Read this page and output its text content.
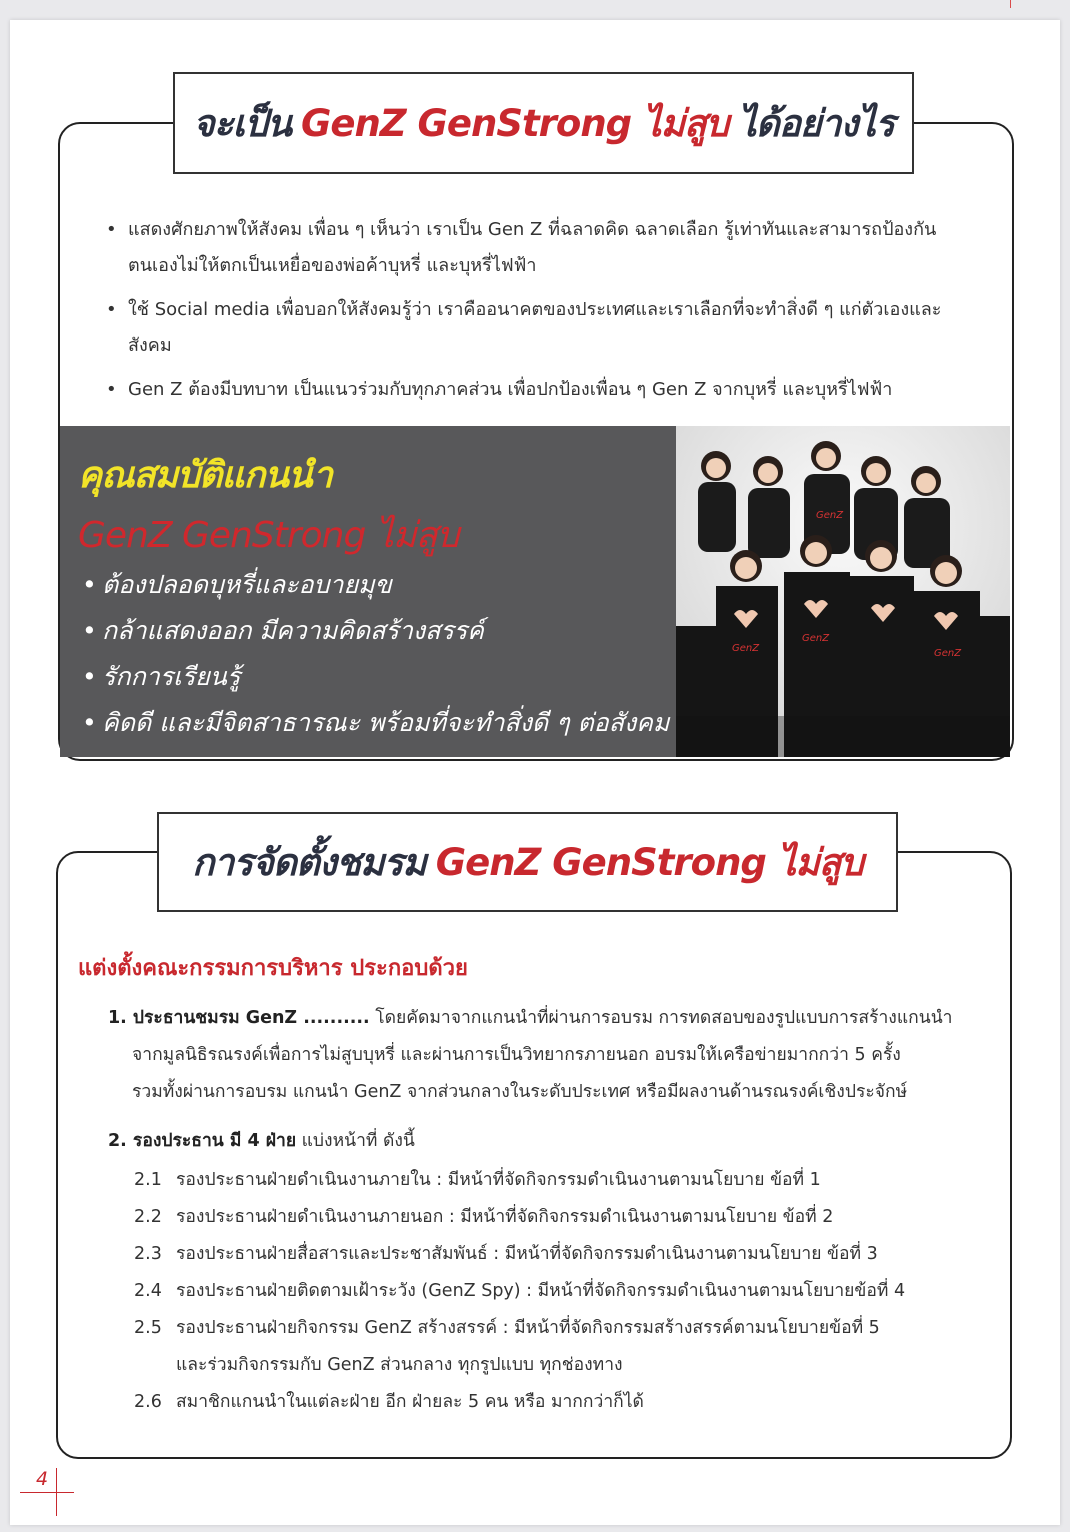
จะเป็น GenZ GenStrong ไม่สูบ ได้อย่างไร
• แสดงศักยภาพให้สังคม เพื่อน ๆ เห็นว่า เราเป็น Gen Z ที่ฉลาดคิด ฉลาดเลือก รู้เท่าทันและสามารถป้องกันตนเองไม่ให้ตกเป็นเหยื่อของพ่อค้าบุหรี่ และบุหรี่ไฟฟ้า
• ใช้ Social media เพื่อบอกให้สังคมรู้ว่า เราคืออนาคตของประเทศและเราเลือกที่จะทำสิ่งดี ๆ แก่ตัวเองและสังคม
• Gen Z ต้องมีบทบาท เป็นแนวร่วมกับทุกภาคส่วน เพื่อปกป้องเพื่อน ๆ Gen Z จากบุหรี่ และบุหรี่ไฟฟ้า
คุณสมบัติแกนนำ
GenZ GenStrong ไม่สูบ
• ต้องปลอดบุหรี่และอบายมุข
• กล้าแสดงออก มีความคิดสร้างสรรค์
• รักการเรียนรู้
• คิดดี และมีจิตสาธารณะ พร้อมที่จะทำสิ่งดี ๆ ต่อสังคม
GenZ
GenZ
GenZ
GenZ
การจัดตั้งชมรม GenZ GenStrong ไม่สูบ
แต่งตั้งคณะกรรมการบริหาร ประกอบด้วย
1. ประธานชมรม GenZ .......... โดยคัดมาจากแกนนำที่ผ่านการอบรม การทดสอบของรูปแบบการสร้างแกนนำ
จากมูลนิธิรณรงค์เพื่อการไม่สูบบุหรี่ และผ่านการเป็นวิทยากรภายนอก อบรมให้เครือข่ายมากกว่า 5 ครั้ง
รวมทั้งผ่านการอบรม แกนนำ GenZ จากส่วนกลางในระดับประเทศ หรือมีผลงานด้านรณรงค์เชิงประจักษ์
2. รองประธาน มี 4 ฝ่าย แบ่งหน้าที่ ดังนี้
2.1 รองประธานฝ่ายดำเนินงานภายใน : มีหน้าที่จัดกิจกรรมดำเนินงานตามนโยบาย ข้อที่ 1
2.2 รองประธานฝ่ายดำเนินงานภายนอก : มีหน้าที่จัดกิจกรรมดำเนินงานตามนโยบาย ข้อที่ 2
2.3 รองประธานฝ่ายสื่อสารและประชาสัมพันธ์ : มีหน้าที่จัดกิจกรรมดำเนินงานตามนโยบาย ข้อที่ 3
2.4 รองประธานฝ่ายติดตามเฝ้าระวัง (GenZ Spy) : มีหน้าที่จัดกิจกรรมดำเนินงานตามนโยบายข้อที่ 4
2.5 รองประธานฝ่ายกิจกรรม GenZ สร้างสรรค์ : มีหน้าที่จัดกิจกรรมสร้างสรรค์ตามนโยบายข้อที่ 5
และร่วมกิจกรรมกับ GenZ ส่วนกลาง ทุกรูปแบบ ทุกช่องทาง
2.6 สมาชิกแกนนำในแต่ละฝ่าย อีก ฝ่ายละ 5 คน หรือ มากกว่าก็ได้
4
